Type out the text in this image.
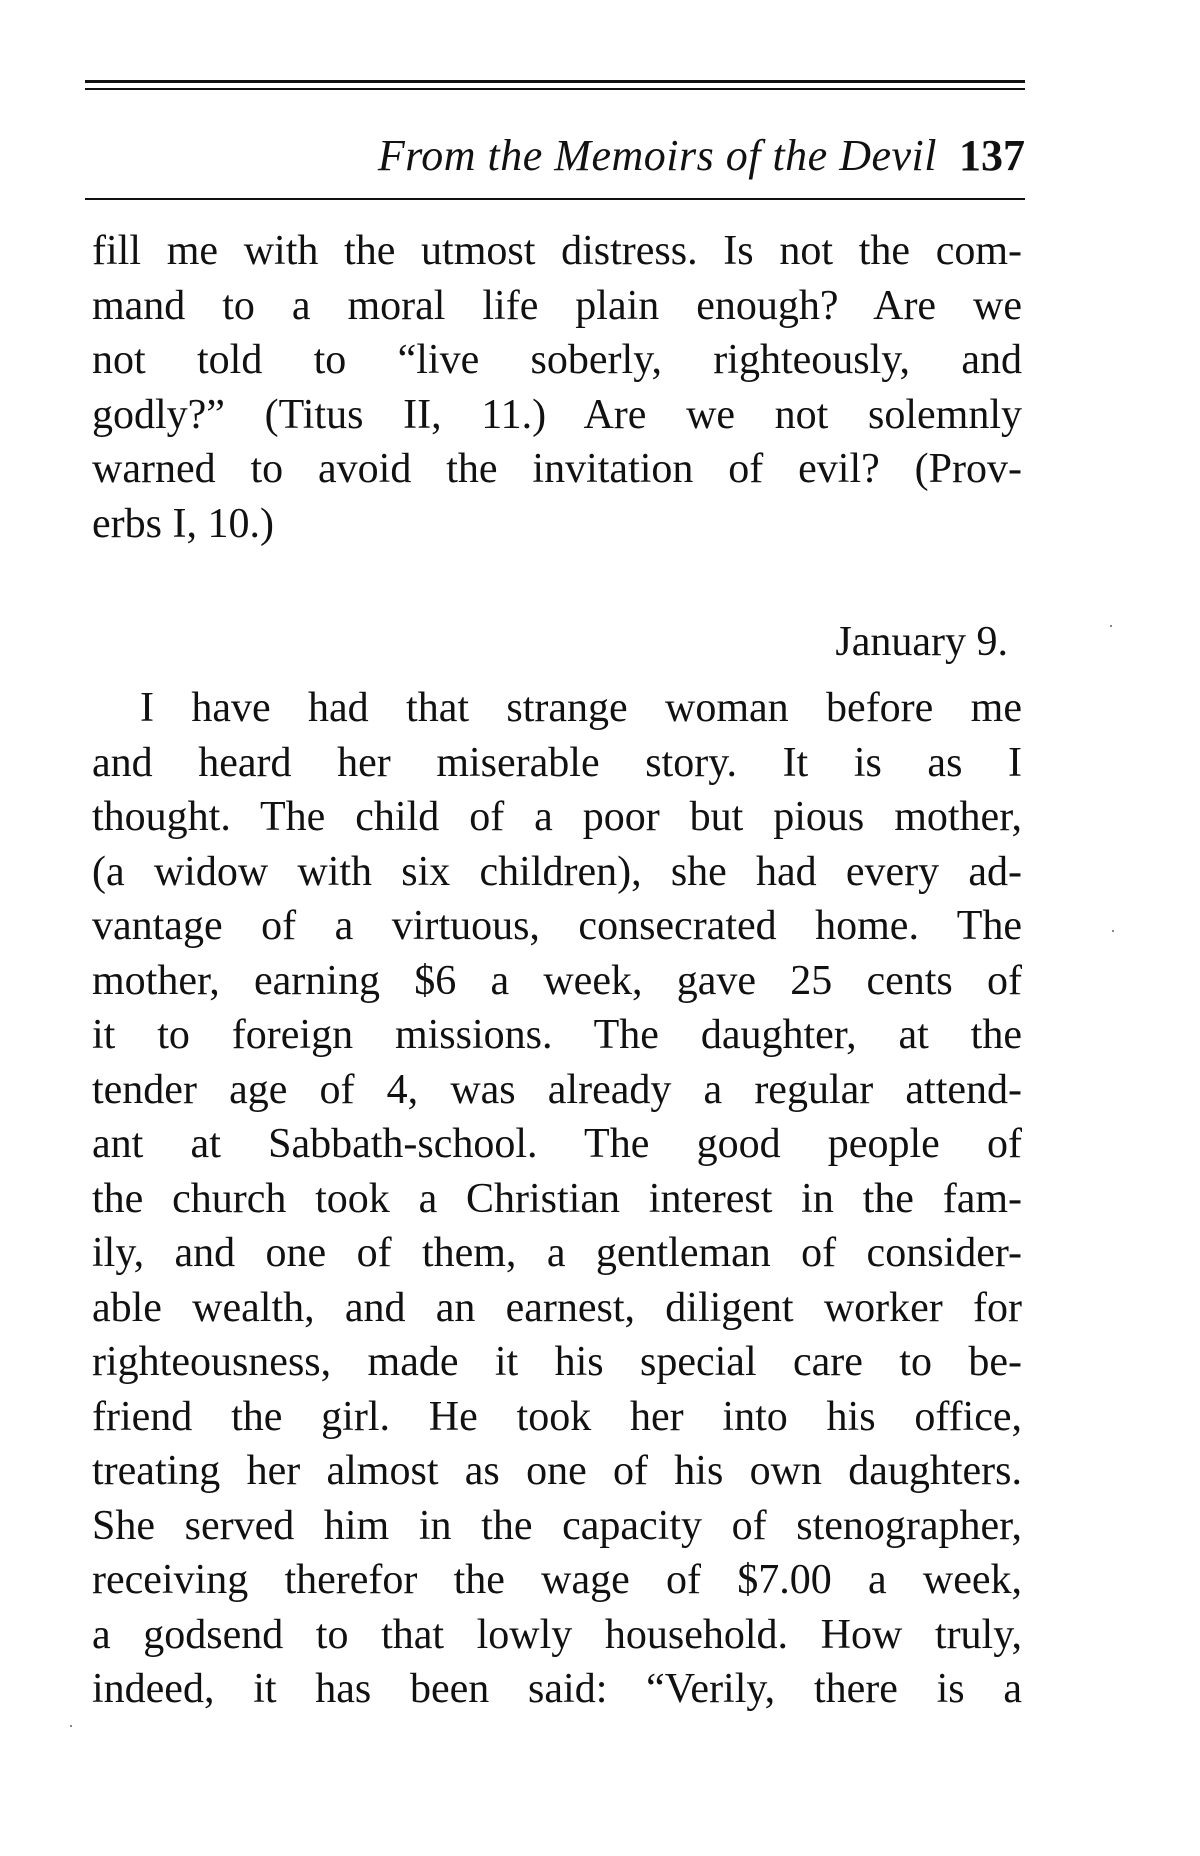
From the Memoirs of the Devil 137
fill me with the utmost distress. Is not the com-
mand to a moral life plain enough? Are we
not told to “live soberly, righteously, and
godly?” (Titus II, 11.) Are we not solemnly
warned to avoid the invitation of evil? (Prov-
erbs I, 10.)
January 9.
I have had that strange woman before me
and heard her miserable story. It is as I
thought. The child of a poor but pious mother,
(a widow with six children), she had every ad-
vantage of a virtuous, consecrated home. The
mother, earning $6 a week, gave 25 cents of
it to foreign missions. The daughter, at the
tender age of 4, was already a regular attend-
ant at Sabbath-school. The good people of
the church took a Christian interest in the fam-
ily, and one of them, a gentleman of consider-
able wealth, and an earnest, diligent worker for
righteousness, made it his special care to be-
friend the girl. He took her into his office,
treating her almost as one of his own daughters.
She served him in the capacity of stenographer,
receiving therefor the wage of $7.00 a week,
a godsend to that lowly household. How truly,
indeed, it has been said: “Verily, there is a
